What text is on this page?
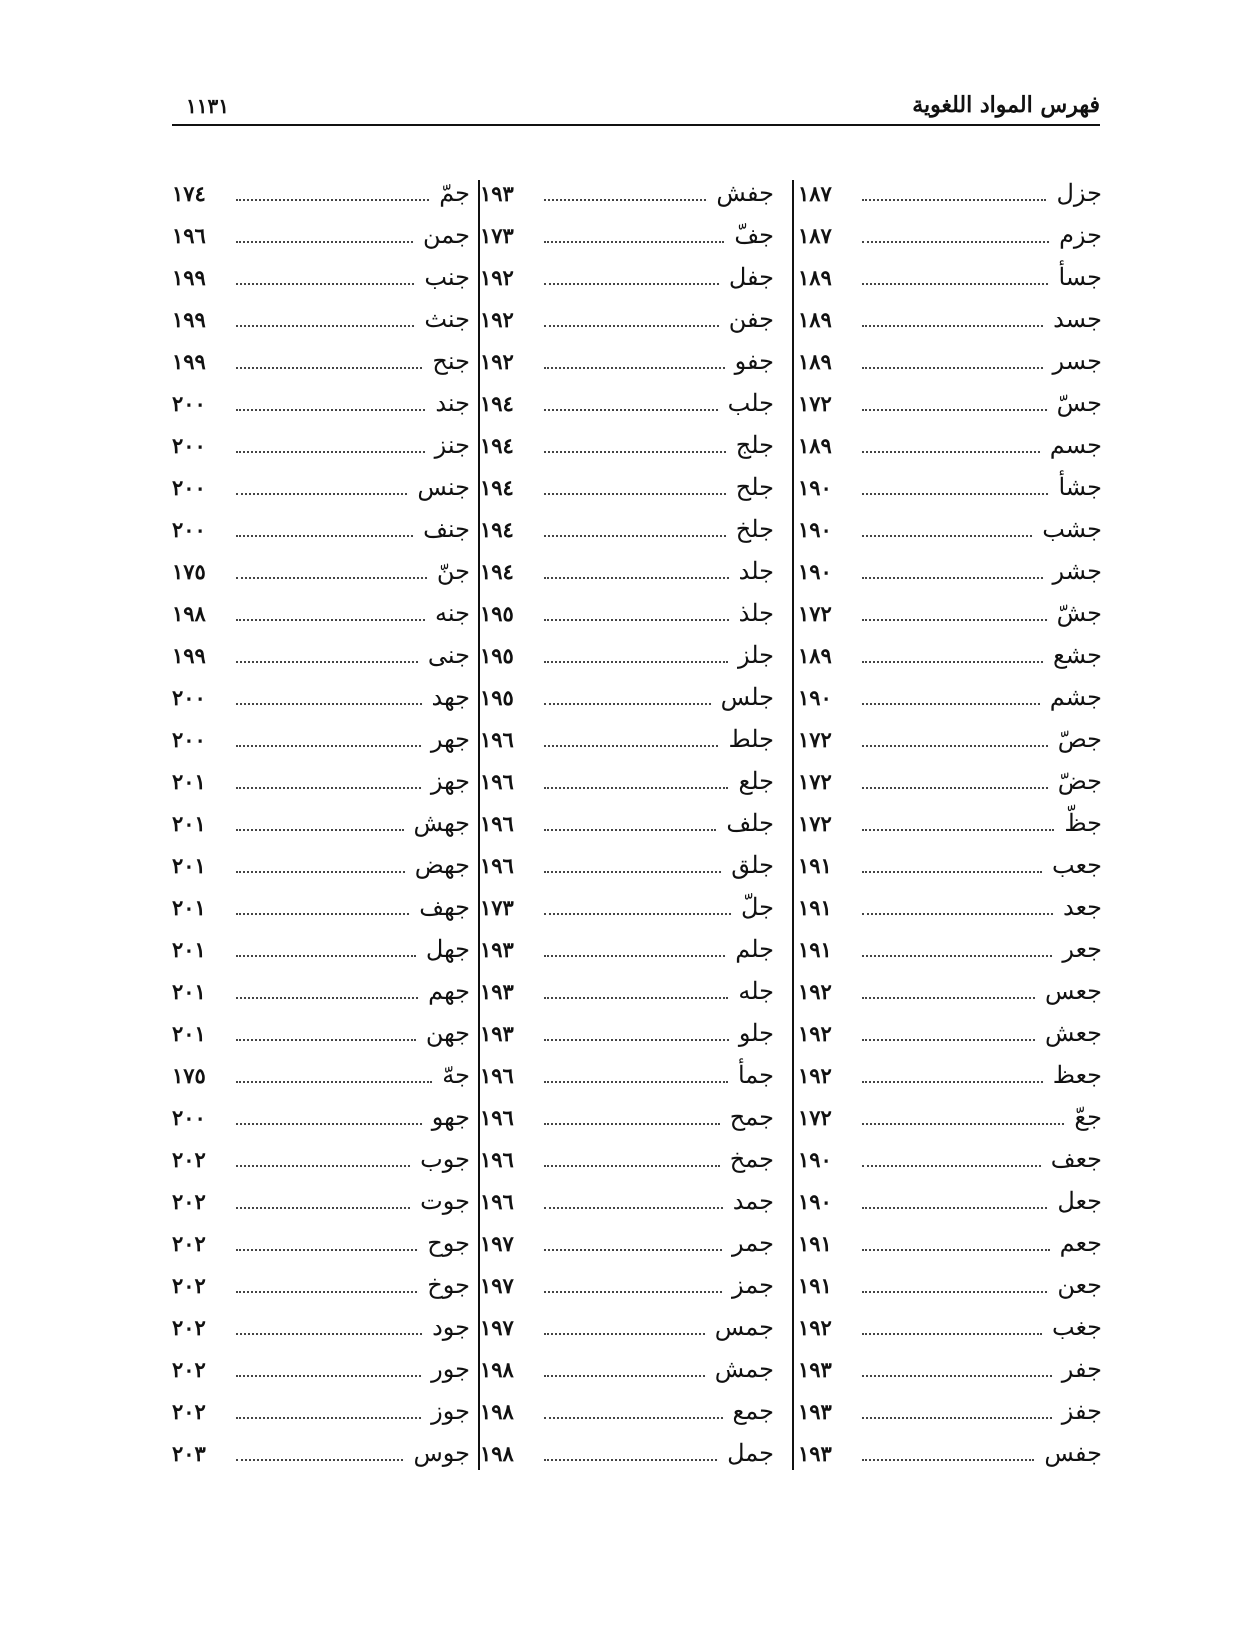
فهرس المواد اللغوية
١١٣١
جزل
١٨٧
جزم
١٨٧
جسأ
١٨٩
جسد
١٨٩
جسر
١٨٩
جسّ
١٧٢
جسم
١٨٩
جشأ
١٩٠
جشب
١٩٠
جشر
١٩٠
جشّ
١٧٢
جشع
١٨٩
جشم
١٩٠
جصّ
١٧٢
جضّ
١٧٢
جظّ
١٧٢
جعب
١٩١
جعد
١٩١
جعر
١٩١
جعس
١٩٢
جعش
١٩٢
جعظ
١٩٢
جعّ
١٧٢
جعف
١٩٠
جعل
١٩٠
جعم
١٩١
جعن
١٩١
جغب
١٩٢
جفر
١٩٣
جفز
١٩٣
جفس
١٩٣
جفش
١٩٣
جفّ
١٧٣
جفل
١٩٢
جفن
١٩٢
جفو
١٩٢
جلب
١٩٤
جلج
١٩٤
جلح
١٩٤
جلخ
١٩٤
جلد
١٩٤
جلذ
١٩٥
جلز
١٩٥
جلس
١٩٥
جلط
١٩٦
جلع
١٩٦
جلف
١٩٦
جلق
١٩٦
جلّ
١٧٣
جلم
١٩٣
جله
١٩٣
جلو
١٩٣
جمأ
١٩٦
جمح
١٩٦
جمخ
١٩٦
جمد
١٩٦
جمر
١٩٧
جمز
١٩٧
جمس
١٩٧
جمش
١٩٨
جمع
١٩٨
جمل
١٩٨
جمّ
١٧٤
جمن
١٩٦
جنب
١٩٩
جنث
١٩٩
جنح
١٩٩
جند
٢٠٠
جنز
٢٠٠
جنس
٢٠٠
جنف
٢٠٠
جنّ
١٧٥
جنه
١٩٨
جنى
١٩٩
جهد
٢٠٠
جهر
٢٠٠
جهز
٢٠١
جهش
٢٠١
جهض
٢٠١
جهف
٢٠١
جهل
٢٠١
جهم
٢٠١
جهن
٢٠١
جهّ
١٧٥
جهو
٢٠٠
جوب
٢٠٢
جوت
٢٠٢
جوح
٢٠٢
جوخ
٢٠٢
جود
٢٠٢
جور
٢٠٢
جوز
٢٠٢
جوس
٢٠٣
